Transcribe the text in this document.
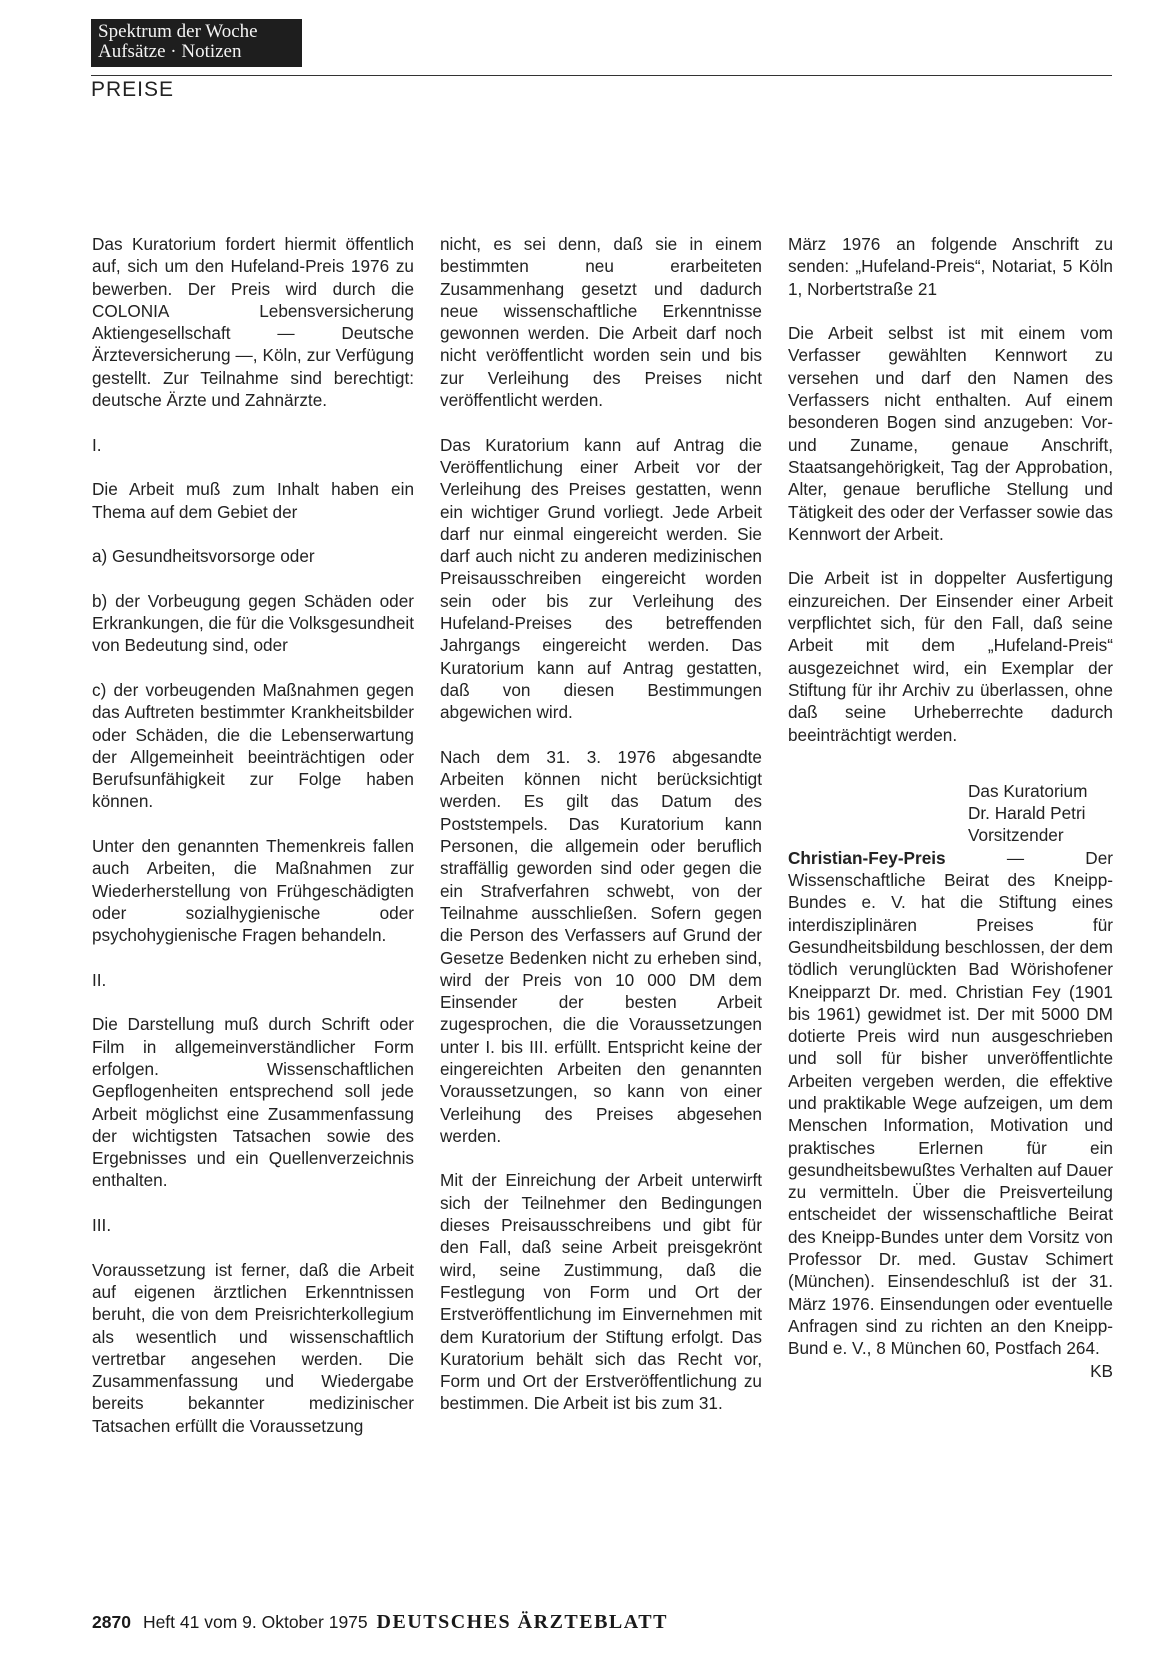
Spektrum der Woche
Aufsätze · Notizen
PREISE

Das Kuratorium fordert hiermit öffentlich auf, sich um den Hufeland-Preis 1976 zu bewerben. Der Preis wird durch die COLONIA Lebensversicherung Aktiengesellschaft — Deutsche Ärzteversicherung —, Köln, zur Verfügung gestellt. Zur Teilnahme sind berechtigt: deutsche Ärzte und Zahnärzte.

I.

Die Arbeit muß zum Inhalt haben ein Thema auf dem Gebiet der

a) Gesundheitsvorsorge oder

b) der Vorbeugung gegen Schäden oder Erkrankungen, die für die Volksgesundheit von Bedeutung sind, oder

c) der vorbeugenden Maßnahmen gegen das Auftreten bestimmter Krankheitsbilder oder Schäden, die die Lebenserwartung der Allgemeinheit beeinträchtigen oder Berufsunfähigkeit zur Folge haben können.

Unter den genannten Themenkreis fallen auch Arbeiten, die Maßnahmen zur Wiederherstellung von Frühgeschädigten oder sozialhygienische oder psychohygienische Fragen behandeln.

II.

Die Darstellung muß durch Schrift oder Film in allgemeinverständlicher Form erfolgen. Wissenschaftlichen Gepflogenheiten entsprechend soll jede Arbeit möglichst eine Zusammenfassung der wichtigsten Tatsachen sowie des Ergebnisses und ein Quellenverzeichnis enthalten.

III.

Voraussetzung ist ferner, daß die Arbeit auf eigenen ärztlichen Erkenntnissen beruht, die von dem Preisrichterkollegium als wesentlich und wissenschaftlich vertretbar angesehen werden. Die Zusammenfassung und Wiedergabe bereits bekannter medizinischer Tatsachen erfüllt die Voraussetzung

nicht, es sei denn, daß sie in einem bestimmten neu erarbeiteten Zusammenhang gesetzt und dadurch neue wissenschaftliche Erkenntnisse gewonnen werden. Die Arbeit darf noch nicht veröffentlicht worden sein und bis zur Verleihung des Preises nicht veröffentlicht werden.

Das Kuratorium kann auf Antrag die Veröffentlichung einer Arbeit vor der Verleihung des Preises gestatten, wenn ein wichtiger Grund vorliegt. Jede Arbeit darf nur einmal eingereicht werden. Sie darf auch nicht zu anderen medizinischen Preisausschreiben eingereicht worden sein oder bis zur Verleihung des Hufeland-Preises des betreffenden Jahrgangs eingereicht werden. Das Kuratorium kann auf Antrag gestatten, daß von diesen Bestimmungen abgewichen wird.

Nach dem 31. 3. 1976 abgesandte Arbeiten können nicht berücksichtigt werden. Es gilt das Datum des Poststempels. Das Kuratorium kann Personen, die allgemein oder beruflich straffällig geworden sind oder gegen die ein Strafverfahren schwebt, von der Teilnahme ausschließen. Sofern gegen die Person des Verfassers auf Grund der Gesetze Bedenken nicht zu erheben sind, wird der Preis von 10 000 DM dem Einsender der besten Arbeit zugesprochen, die die Voraussetzungen unter I. bis III. erfüllt. Entspricht keine der eingereichten Arbeiten den genannten Voraussetzungen, so kann von einer Verleihung des Preises abgesehen werden.

Mit der Einreichung der Arbeit unterwirft sich der Teilnehmer den Bedingungen dieses Preisausschreibens und gibt für den Fall, daß seine Arbeit preisgekrönt wird, seine Zustimmung, daß die Festlegung von Form und Ort der Erstveröffentlichung im Einvernehmen mit dem Kuratorium der Stiftung erfolgt. Das Kuratorium behält sich das Recht vor, Form und Ort der Erstveröffentlichung zu bestimmen. Die Arbeit ist bis zum 31.

März 1976 an folgende Anschrift zu senden: „Hufeland-Preis“, Notariat, 5 Köln 1, Norbertstraße 21

Die Arbeit selbst ist mit einem vom Verfasser gewählten Kennwort zu versehen und darf den Namen des Verfassers nicht enthalten. Auf einem besonderen Bogen sind anzugeben: Vor- und Zuname, genaue Anschrift, Staatsangehörigkeit, Tag der Approbation, Alter, genaue berufliche Stellung und Tätigkeit des oder der Verfasser sowie das Kennwort der Arbeit.

Die Arbeit ist in doppelter Ausfertigung einzureichen. Der Einsender einer Arbeit verpflichtet sich, für den Fall, daß seine Arbeit mit dem „Hufeland-Preis“ ausgezeichnet wird, ein Exemplar der Stiftung für ihr Archiv zu überlassen, ohne daß seine Urheberrechte dadurch beeinträchtigt werden.

Das Kuratorium
Dr. Harald Petri
Vorsitzender

Christian-Fey-Preis — Der Wissenschaftliche Beirat des Kneipp-Bundes e. V. hat die Stiftung eines interdisziplinären Preises für Gesundheitsbildung beschlossen, der dem tödlich verunglückten Bad Wörishofener Kneipparzt Dr. med. Christian Fey (1901 bis 1961) gewidmet ist. Der mit 5000 DM dotierte Preis wird nun ausgeschrieben und soll für bisher unveröffentlichte Arbeiten vergeben werden, die effektive und praktikable Wege aufzeigen, um dem Menschen Information, Motivation und praktisches Erlernen für ein gesundheitsbewußtes Verhalten auf Dauer zu vermitteln. Über die Preisverteilung entscheidet der wissenschaftliche Beirat des Kneipp-Bundes unter dem Vorsitz von Professor Dr. med. Gustav Schimert (München). Einsendeschluß ist der 31. März 1976. Einsendungen oder eventuelle Anfragen sind zu richten an den Kneipp-Bund e. V., 8 München 60, Postfach 264.
KB

2870 Heft 41 vom 9. Oktober 1975 DEUTSCHES ÄRZTEBLATT
